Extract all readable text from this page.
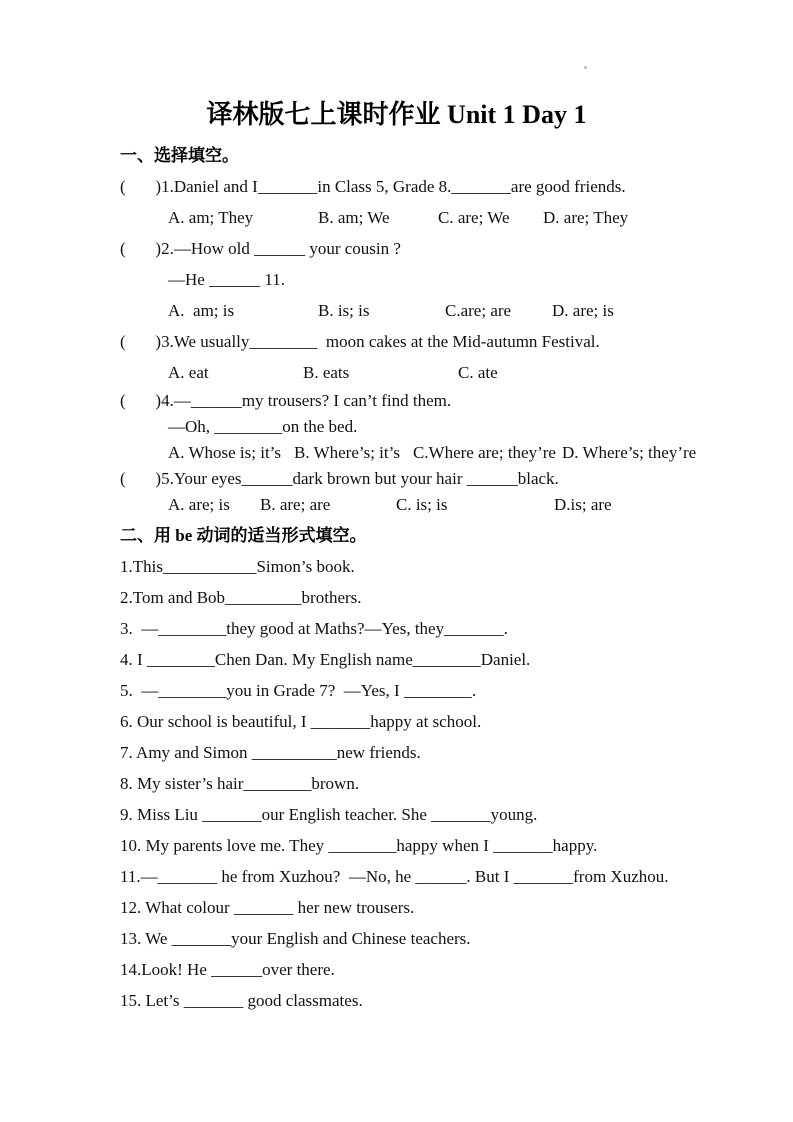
译林版七上课时作业 Unit 1 Day 1
一、选择填空。

(       )1.Daniel and I_______in Class 5, Grade 8._______are good friends.

A. am; They	B. am; We	C. are; We	D. are; They

(       )2.—How old ______ your cousin ?

—He ______ 11.

A.  am; is	B. is; is	C.are; are	D. are; is

(       )3.We usually________  moon cakes at the Mid-autumn Festival.

A. eat	B. eats	C. ate

(       )4.—______my trousers? I can’t find them.

—Oh, ________on the bed.

A. Whose is; it’s B. Where’s; it’s C.Where are; they’re D. Where’s; they’re

(       )5.Your eyes______dark brown but your hair ______black.

A. are; is	B. are; are	C. is; is	D.is; are
二、用 be 动词的适当形式填空。

1.This___________Simon’s book.

2.Tom and Bob_________brothers.

3.  —________they good at Maths?—Yes, they_______.

4. I ________Chen Dan. My English name________Daniel.

5.  —________you in Grade 7?  —Yes, I ________.

6. Our school is beautiful, I _______happy at school.

7. Amy and Simon __________new friends.

8. My sister’s hair________brown.

9. Miss Liu _______our English teacher. She _______young.

10. My parents love me. They ________happy when I _______happy.

11.—_______ he from Xuzhou?  —No, he ______. But I _______from Xuzhou.

12. What colour _______ her new trousers.

13. We _______your English and Chinese teachers.

14.Look! He ______over there.

15. Let’s _______ good classmates.
